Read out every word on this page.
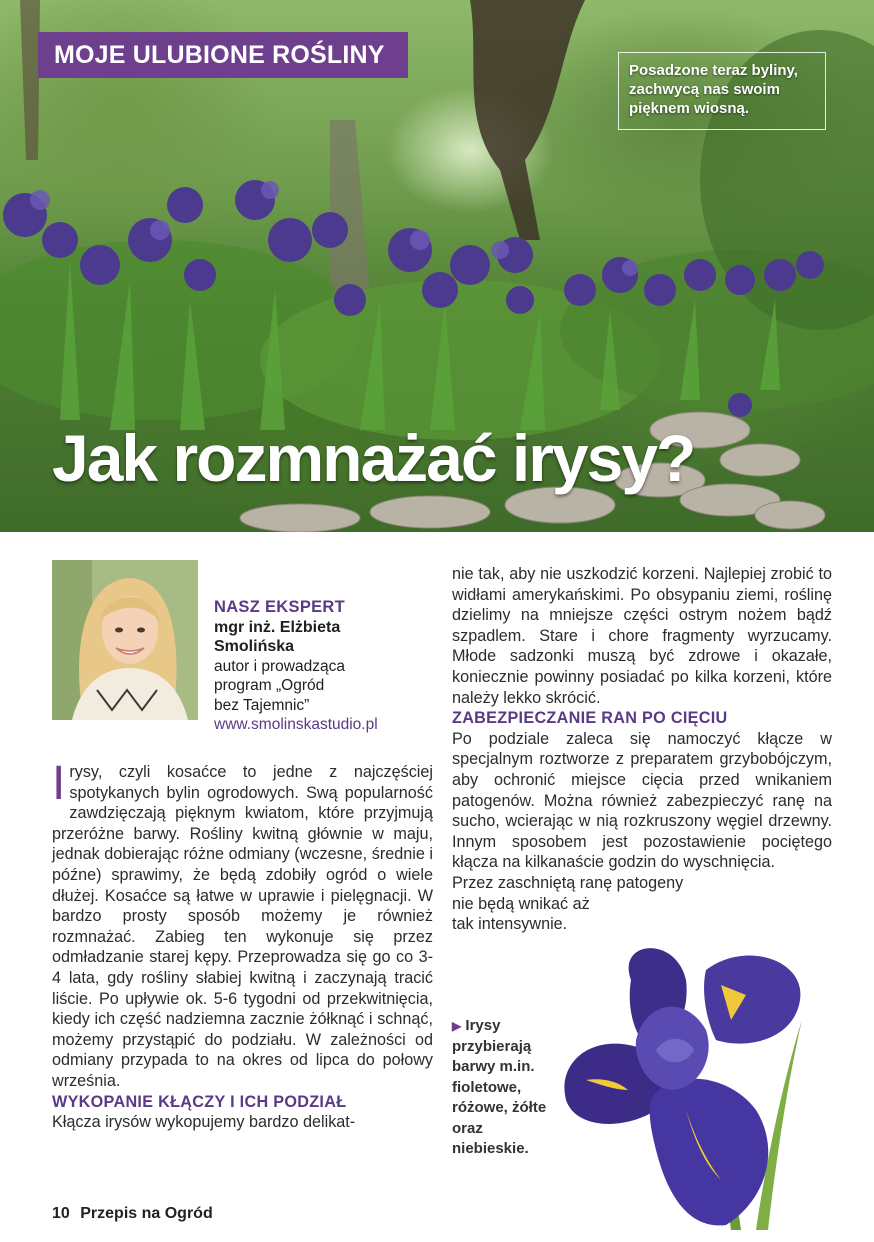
MOJE ULUBIONE ROŚLINY
Posadzone teraz byliny, zachwycą nas swoim pięknem wiosną.
Jak rozmnażać irysy?
NASZ EKSPERT
mgr inż. Elżbieta
Smolińska
autor i prowadząca
program „Ogród
bez Tajemnic”
www.smolinskastudio.pl

Irysy, czyli kosaćce to jedne z najczęściej spotykanych bylin ogrodowych. Swą popularność zawdzięczają pięknym kwiatom, które przyjmują przeróżne barwy. Rośliny kwitną głównie w maju, jednak dobierając różne odmiany (wczesne, średnie i późne) sprawimy, że będą zdobiły ogród o wiele dłużej. Kosaćce są łatwe w uprawie i pielęgnacji. W bardzo prosty sposób możemy je również rozmnażać. Zabieg ten wykonuje się przez odmładzanie starej kępy. Przeprowadza się go co 3-4 lata, gdy rośliny słabiej kwitną i zaczynają tracić liście. Po upływie ok. 5-6 tygodni od przekwitnięcia, kiedy ich część nadziemna zacznie żółknąć i schnąć, możemy przystąpić do podziału. W zależności od odmiany przypada to na okres od lipca do połowy września.

WYKOPANIE KŁĄCZY I ICH PODZIAŁ

Kłącza irysów wykopujemy bardzo delikat-

nie tak, aby nie uszkodzić korzeni. Najlepiej zrobić to widłami amerykańskimi. Po obsypaniu ziemi, roślinę dzielimy na mniejsze części ostrym nożem bądź szpadlem. Stare i chore fragmenty wyrzucamy. Młode sadzonki muszą być zdrowe i okazałe, koniecznie powinny posiadać po kilka korzeni, które należy lekko skrócić.

ZABEZPIECZANIE RAN PO CIĘCIU

Po podziale zaleca się namoczyć kłącze w specjalnym roztworze z preparatem grzybobójczym, aby ochronić miejsce cięcia przed wnikaniem patogenów. Można również zabezpieczyć ranę na sucho, wcierając w nią rozkruszony węgiel drzewny. Innym sposobem jest pozostawienie pociętego kłącza na kilkanaście godzin do wyschnięcia.

Przez zaschniętą ranę patogeny

nie będą wnikać aż

tak intensywnie.

▶ Irysy przybierają barwy m.in. fioletowe, różowe, żółte oraz niebieskie.
10 Przepis na Ogród
